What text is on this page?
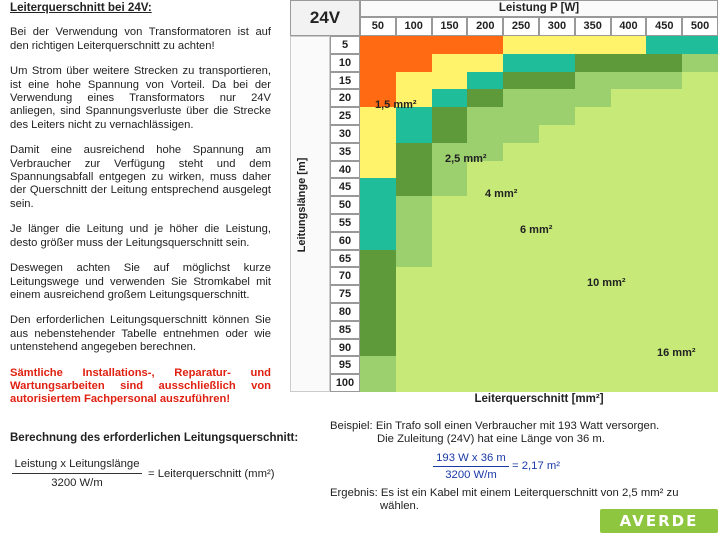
Leiterquerschnitt bei 24V:

Bei der Verwendung von Transformatoren ist auf den richtigen Leiterquerschnitt zu achten!

Um Strom über weitere Strecken zu transportieren, ist eine hohe Spannung von Vorteil. Da bei der Verwendung eines Transformators nur 24V anliegen, sind Spannungsverluste über die Strecke des Leiters nicht zu vernachlässigen.

Damit eine ausreichend hohe Spannung am Verbraucher zur Verfügung steht und dem Spannungsabfall entgegen zu wirken, muss daher der Querschnitt der Leitung entsprechend ausgelegt sein.

Je länger die Leitung und je höher die Leistung, desto größer muss der Leitungsquerschnitt sein.

Deswegen achten Sie auf möglichst kurze Leitungswege und verwenden Sie Stromkabel mit einem ausreichend großem Leitungsquerschnitt.

Den erforderlichen Leitungsquerschnitt können Sie aus nebenstehender Tabelle entnehmen oder wie untenstehend angegeben berechnen.

Sämtliche Installations-, Reparatur- und Wartungsarbeiten sind ausschließlich von autorisiertem Fachpersonal auszuführen!

24V	Leistung P [W]
50	100	150	200	250	300	350	400	450	500
Leitungslänge [m]
5
10
15
20
25
30
35
40
45
50
55
60
65
70
75
80
85
90
95
100
1,5 mm²
2,5 mm²
4 mm²
6 mm²
10 mm²
16 mm²
Leiterquerschnitt [mm²]
Berechnung des erforderlichen Leitungsquerschnitt:
Leistung x Leitungslänge
3200 W/m
= Leiterquerschnitt (mm²)
Beispiel: Ein Trafo soll einen Verbraucher mit 193 Watt versorgen.
Die Zuleitung (24V) hat eine Länge von 36 m.
193 W x 36 m
3200 W/m
= 2,17 m²
Ergebnis: Es ist ein Kabel mit einem Leiterquerschnitt von 2,5 mm² zu
wählen.
AVERDE
